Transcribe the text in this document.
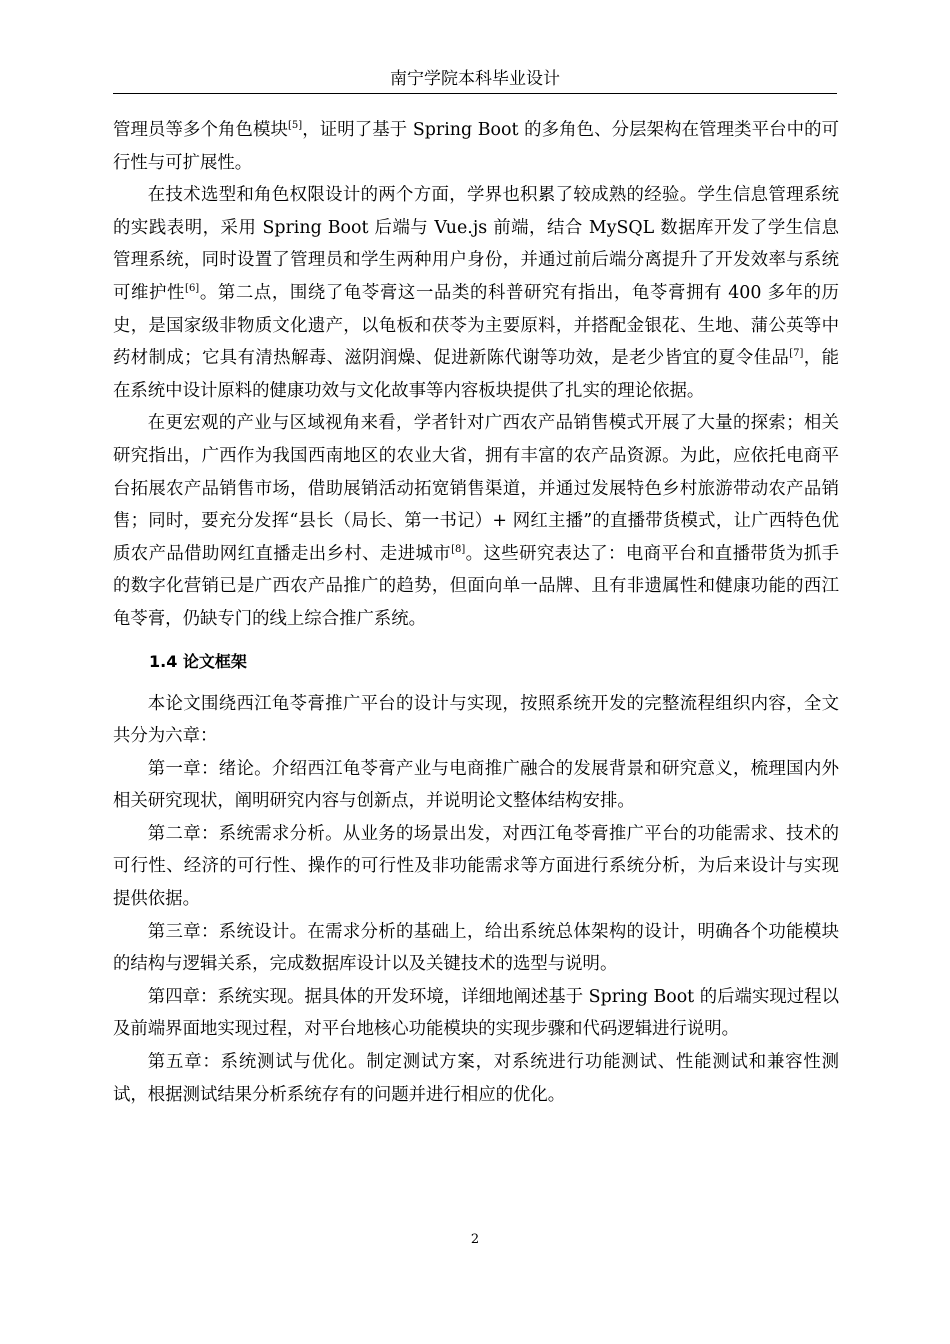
南宁学院本科毕业设计

管理员等多个角色模块[5]，证明了基于 Spring Boot 的多角色、分层架构在管理类平台中的可行性与可扩展性。

在技术选型和角色权限设计的两个方面，学界也积累了较成熟的经验。学生信息管理系统的实践表明，采用 Spring Boot 后端与 Vue.js 前端，结合 MySQL 数据库开发了学生信息管理系统，同时设置了管理员和学生两种用户身份，并通过前后端分离提升了开发效率与系统可维护性[6]。第二点，围绕了龟苓膏这一品类的科普研究有指出，龟苓膏拥有 400 多年的历史，是国家级非物质文化遗产，以龟板和茯苓为主要原料，并搭配金银花、生地、蒲公英等中药材制成；它具有清热解毒、滋阴润燥、促进新陈代谢等功效，是老少皆宜的夏令佳品[7]，能在系统中设计原料的健康功效与文化故事等内容板块提供了扎实的理论依据。

在更宏观的产业与区域视角来看，学者针对广西农产品销售模式开展了大量的探索；相关研究指出，广西作为我国西南地区的农业大省，拥有丰富的农产品资源。为此，应依托电商平台拓展农产品销售市场，借助展销活动拓宽销售渠道，并通过发展特色乡村旅游带动农产品销售；同时，要充分发挥“县长（局长、第一书记）+ 网红主播”的直播带货模式，让广西特色优质农产品借助网红直播走出乡村、走进城市[8]。这些研究表达了：电商平台和直播带货为抓手的数字化营销已是广西农产品推广的趋势，但面向单一品牌、且有非遗属性和健康功能的西江龟苓膏，仍缺专门的线上综合推广系统。

1.4 论文框架

本论文围绕西江龟苓膏推广平台的设计与实现，按照系统开发的完整流程组织内容，全文共分为六章：

第一章：绪论。介绍西江龟苓膏产业与电商推广融合的发展背景和研究意义，梳理国内外相关研究现状，阐明研究内容与创新点，并说明论文整体结构安排。

第二章：系统需求分析。从业务的场景出发，对西江龟苓膏推广平台的功能需求、技术的可行性、经济的可行性、操作的可行性及非功能需求等方面进行系统分析，为后来设计与实现提供依据。

第三章：系统设计。在需求分析的基础上，给出系统总体架构的设计，明确各个功能模块的结构与逻辑关系，完成数据库设计以及关键技术的选型与说明。

第四章：系统实现。据具体的开发环境，详细地阐述基于 Spring Boot 的后端实现过程以及前端界面地实现过程，对平台地核心功能模块的实现步骤和代码逻辑进行说明。

第五章：系统测试与优化。制定测试方案，对系统进行功能测试、性能测试和兼容性测试，根据测试结果分析系统存有的问题并进行相应的优化。

2
